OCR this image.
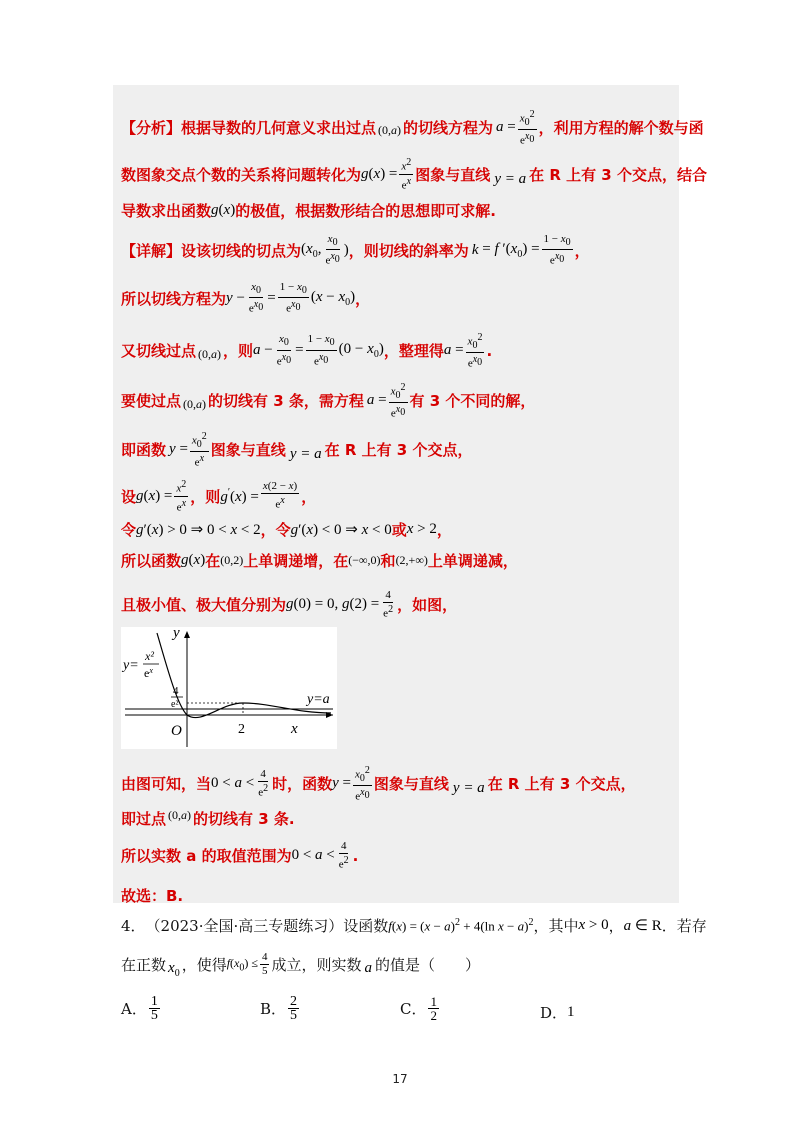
【分析】 根据导数的几何意义求出过点 (0,a) 的切线方程为 $a = \frac{x_0^2}{e^{x_0}}$ ，利用方程的解个数与函
数图象交点个数的关系将问题转化为 g $(x) = \frac{x^2}{e^x}$ 图象与直线 y = a 在 R 上有 3 个交点，结合
导数求出函数 g (x) 的极值，根据数形结合的思想即可求解.
【详解】 设该切线的切点为 ($x_0$, $\frac{x_0}{e^{x_0}}$ ) ，则切线的斜率为 k = f $'(x_0) = \frac{1 - x_0}{e^{x_0}}$ ，
所以切线方程为 $y - \frac{x_0}{e^{x_0}} = \frac{1 - x_0}{e^{x_0}} (x - x_0)$ ，
又切线过点 (0,a) ，则 $a - \frac{x_0}{e^{x_0}} = \frac{1 - x_0}{e^{x_0}} (0 - x_0)$ ，整理得 $a = \frac{x_0^2}{e^{x_0}}$ .
要使过点 (0,a) 的切线有 3 条，需方程 $a = \frac{x_0^2}{e^{x_0}}$ 有 3 个不同的解，
即函数 $y = \frac{x_0^2}{e^x}$ 图象与直线 y = a 在 R 上有 3 个交点，
设 $g(x) = \frac{x^2}{e^x}$ ，则 $g'(x) = \frac{x(2 - x)}{e^x}$ ，
令 g′(x) > 0 ⇒ 0 < x < 2 ，令 g′(x) < 0 ⇒ x < 0 或 x > 2 ，
所以函数 g(x) 在 (0,2) 上单调递增，在 (−∞,0) 和 (2,+∞) 上单调递减，
且极小值、极大值分别为 g(0) = 0, $g(2) = \frac{4}{e^2}$ ，如图，
y
x
O	2
y=a
y=
x²
$e^x$
4
e²
由图可知，当 $0 < a < \frac{4}{e^2}$ 时，函数 $y = \frac{x_0^2}{e^{x_0}}$ 图象与直线 y = a 在 R 上有 3 个交点，
即过点 (0,a) 的切线有 3 条.
所以实数 a 的取值范围为 $0 < a < \frac{4}{e^2}$ .
故选：B.
4． （2023·全国·高三专题练习）设函数 $f(x) = (x - a)^2 + 4(\ln$ x − a)$^2$ ，其中 x > 0 ， a ∈ R ．若存
在正数 $x_0$ ，使得 $f(x_0) \le \frac{4}{5}$ 成立，则实数 a 的值是（　　）
A． $\frac{1}{5}$	B． $\frac{2}{5}$	C． $\frac{1}{2}$	D． 1
17
